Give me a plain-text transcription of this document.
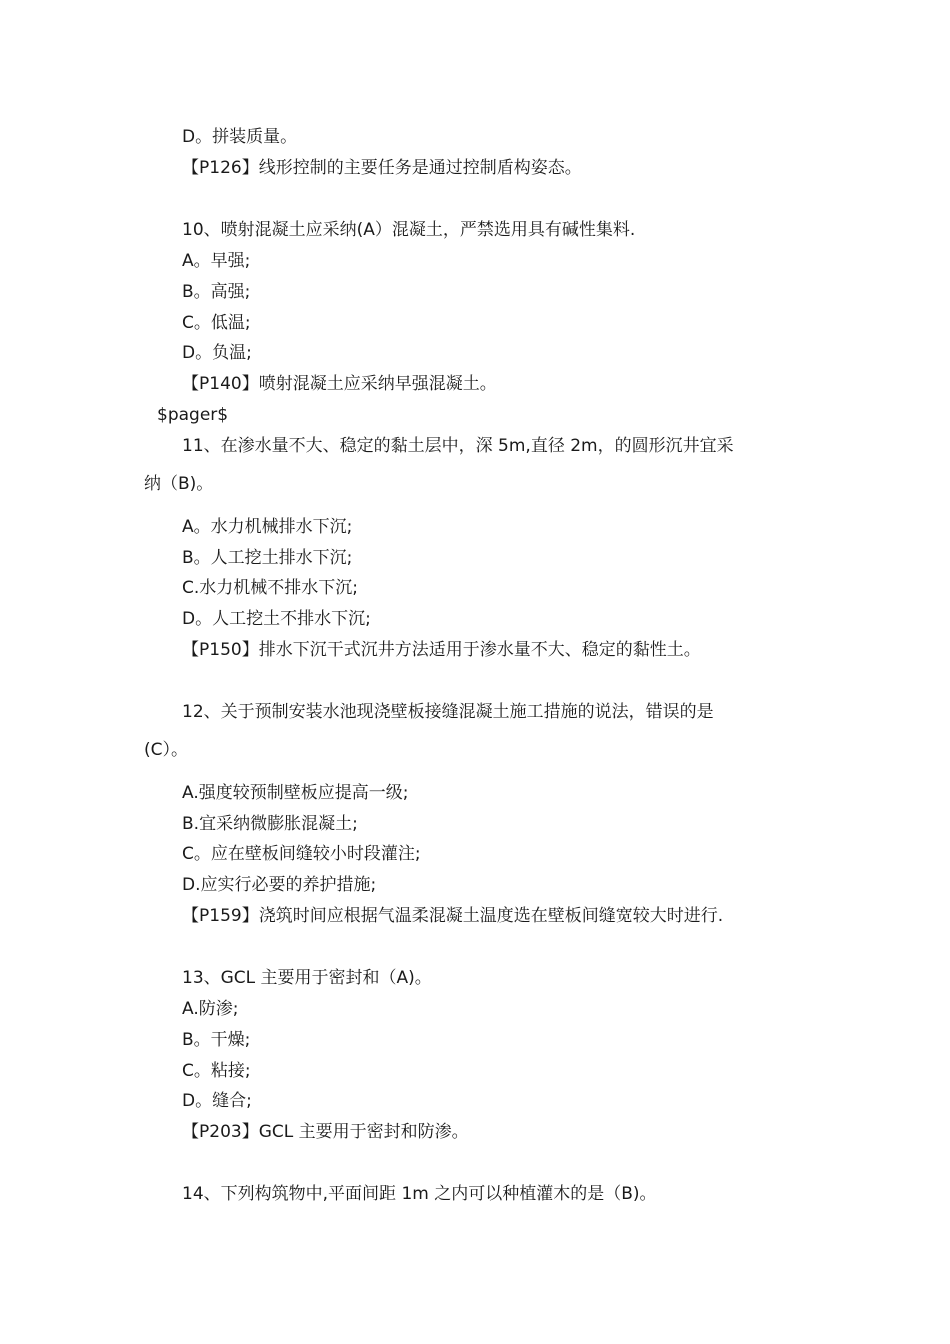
D。拼装质量。
【P126】线形控制的主要任务是通过控制盾构姿态。
10、喷射混凝土应采纳(A）混凝土，严禁选用具有碱性集料.
A。早强;
B。高强;
C。低温;
D。负温;
【P140】喷射混凝土应采纳早强混凝土。
$pager$
11、在渗水量不大、稳定的黏土层中，深 5m,直径 2m，的圆形沉井宜采
纳（B)。
A。水力机械排水下沉;
B。人工挖土排水下沉;
C.水力机械不排水下沉;
D。人工挖土不排水下沉;
【P150】排水下沉干式沉井方法适用于渗水量不大、稳定的黏性土。
12、关于预制安装水池现浇壁板接缝混凝土施工措施的说法，错误的是
(C）。
A.强度较预制壁板应提高一级;
B.宜采纳微膨胀混凝土;
C。应在壁板间缝较小时段灌注;
D.应实行必要的养护措施;
【P159】浇筑时间应根据气温柔混凝土温度选在壁板间缝宽较大时进行.
13、GCL 主要用于密封和（A)。
A.防渗;
B。干燥;
C。粘接;
D。缝合;
【P203】GCL 主要用于密封和防渗。
14、下列构筑物中,平面间距 1m 之内可以种植灌木的是（B)。
